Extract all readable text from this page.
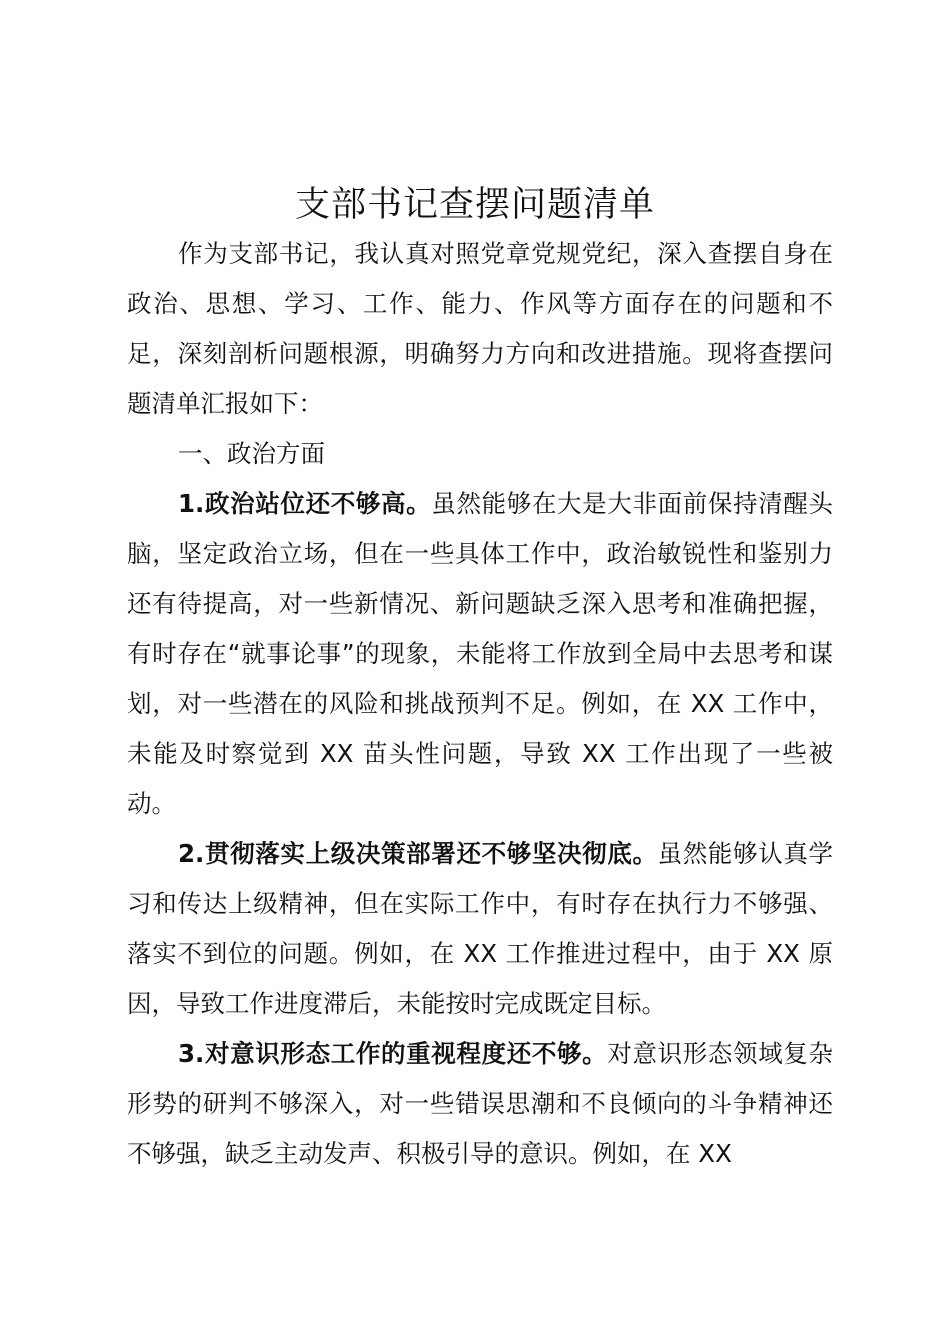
支部书记查摆问题清单

作为支部书记，我认真对照党章党规党纪，深入查摆自身在政治、思想、学习、工作、能力、作风等方面存在的问题和不足，深刻剖析问题根源，明确努力方向和改进措施。现将查摆问题清单汇报如下：

一、政治方面

1.政治站位还不够高。虽然能够在大是大非面前保持清醒头脑，坚定政治立场，但在一些具体工作中，政治敏锐性和鉴别力还有待提高，对一些新情况、新问题缺乏深入思考和准确把握，有时存在“就事论事”的现象，未能将工作放到全局中去思考和谋划，对一些潜在的风险和挑战预判不足。例如，在 XX 工作中，未能及时察觉到 XX 苗头性问题，导致 XX 工作出现了一些被动。

2.贯彻落实上级决策部署还不够坚决彻底。虽然能够认真学习和传达上级精神，但在实际工作中，有时存在执行力不够强、落实不到位的问题。例如，在 XX 工作推进过程中，由于 XX 原因，导致工作进度滞后，未能按时完成既定目标。

3.对意识形态工作的重视程度还不够。对意识形态领域复杂形势的研判不够深入，对一些错误思潮和不良倾向的斗争精神还不够强，缺乏主动发声、积极引导的意识。例如，在 XX
